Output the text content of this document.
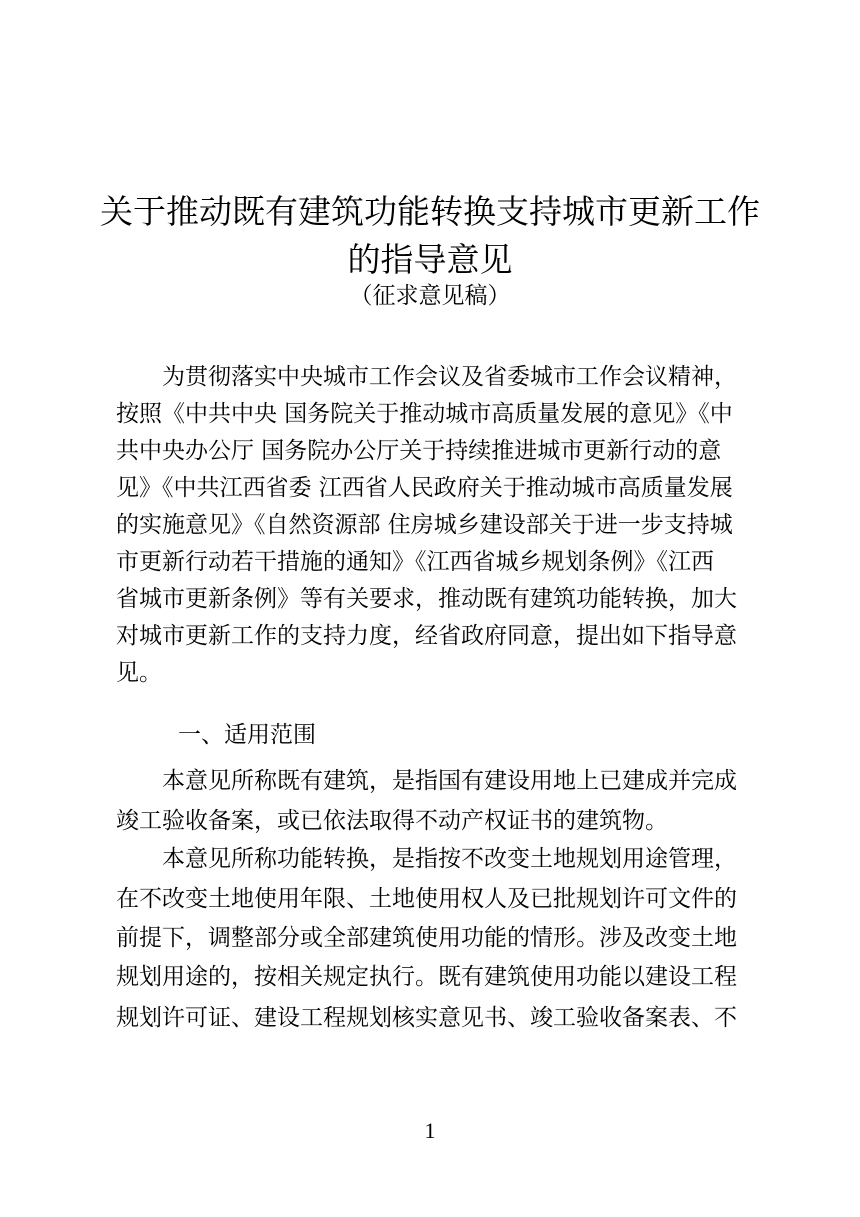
关于推动既有建筑功能转换支持城市更新工作
的指导意见

（征求意见稿）

为贯彻落实中央城市工作会议及省委城市工作会议精神，

按照《中共中央 国务院关于推动城市高质量发展的意见》《中

共中央办公厅 国务院办公厅关于持续推进城市更新行动的意

见》《中共江西省委 江西省人民政府关于推动城市高质量发展

的实施意见》《自然资源部 住房城乡建设部关于进一步支持城

市更新行动若干措施的通知》《江西省城乡规划条例》《江西

省城市更新条例》等有关要求，推动既有建筑功能转换，加大

对城市更新工作的支持力度，经省政府同意，提出如下指导意

见。

一、适用范围

本意见所称既有建筑，是指国有建设用地上已建成并完成

竣工验收备案，或已依法取得不动产权证书的建筑物。

本意见所称功能转换，是指按不改变土地规划用途管理，

在不改变土地使用年限、土地使用权人及已批规划许可文件的

前提下，调整部分或全部建筑使用功能的情形。涉及改变土地

规划用途的，按相关规定执行。既有建筑使用功能以建设工程

规划许可证、建设工程规划核实意见书、竣工验收备案表、不

1
